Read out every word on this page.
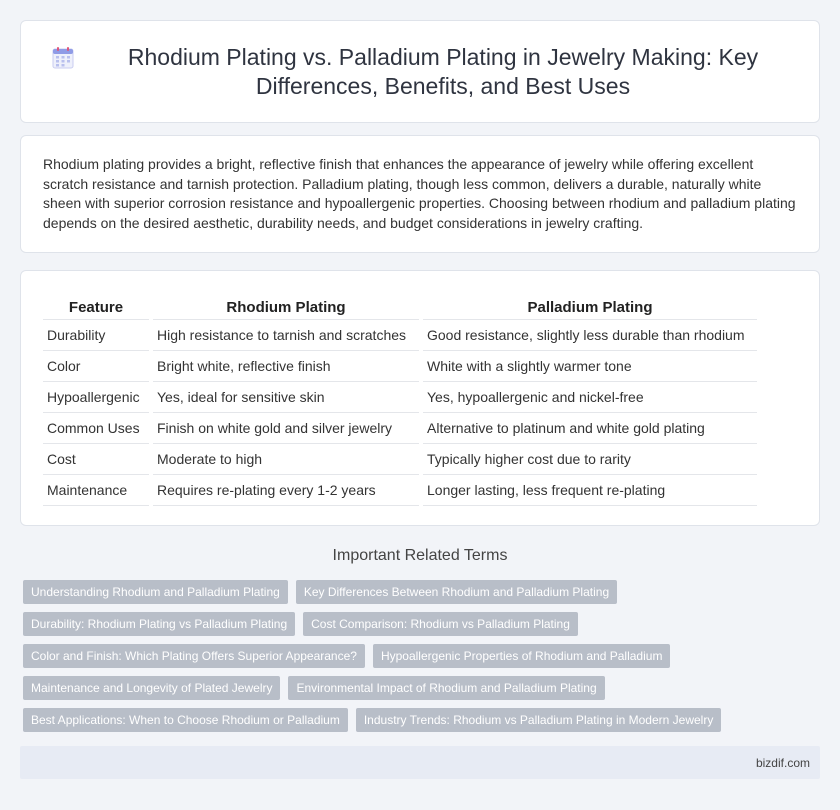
Rhodium Plating vs. Palladium Plating in Jewelry Making: Key Differences, Benefits, and Best Uses

Rhodium plating provides a bright, reflective finish that enhances the appearance of jewelry while offering excellent scratch resistance and tarnish protection. Palladium plating, though less common, delivers a durable, naturally white sheen with superior corrosion resistance and hypoallergenic properties. Choosing between rhodium and palladium plating depends on the desired aesthetic, durability needs, and budget considerations in jewelry crafting.

Feature	Rhodium Plating	Palladium Plating
Durability	High resistance to tarnish and scratches	Good resistance, slightly less durable than rhodium
Color	Bright white, reflective finish	White with a slightly warmer tone
Hypoallergenic	Yes, ideal for sensitive skin	Yes, hypoallergenic and nickel-free
Common Uses	Finish on white gold and silver jewelry	Alternative to platinum and white gold plating
Cost	Moderate to high	Typically higher cost due to rarity
Maintenance	Requires re-plating every 1-2 years	Longer lasting, less frequent re-plating
Important Related Terms
Understanding Rhodium and Palladium Plating	Key Differences Between Rhodium and Palladium Plating
Durability: Rhodium Plating vs Palladium Plating	Cost Comparison: Rhodium vs Palladium Plating
Color and Finish: Which Plating Offers Superior Appearance?	Hypoallergenic Properties of Rhodium and Palladium
Maintenance and Longevity of Plated Jewelry	Environmental Impact of Rhodium and Palladium Plating
Best Applications: When to Choose Rhodium or Palladium	Industry Trends: Rhodium vs Palladium Plating in Modern Jewelry
bizdif.com
